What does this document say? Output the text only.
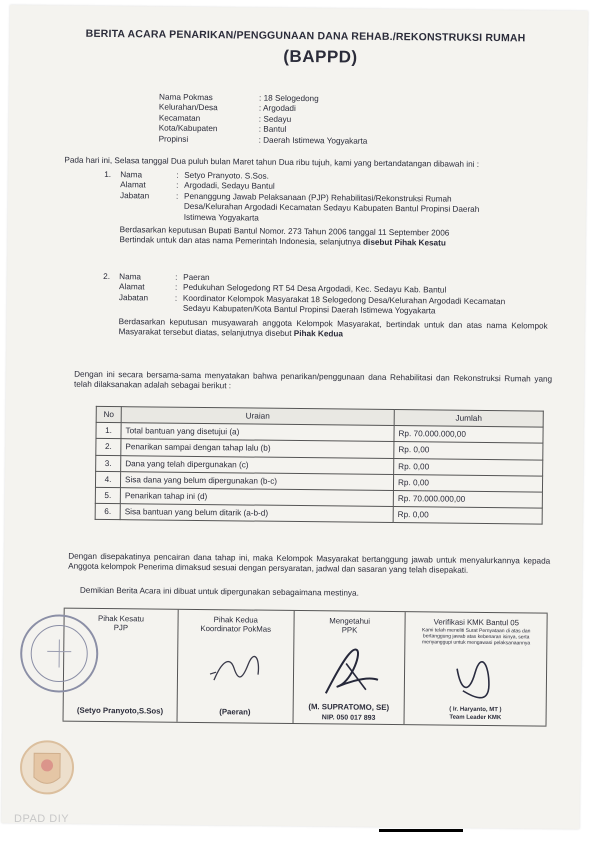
BERITA ACARA PENARIKAN/PENGGUNAAN DANA REHAB./REKONSTRUKSI RUMAH
(BAPPD)
Nama Pokmas	: 18 Selogedong
Kelurahan/Desa	: Argodadi
Kecamatan	: Sedayu
Kota/Kabupaten	: Bantul
Propinsi	: Daerah Istimewa Yogyakarta
Pada hari ini, Selasa tanggal Dua puluh bulan Maret tahun Dua ribu tujuh, kami yang bertandatangan dibawah ini :
1.	Nama	: Setyo Pranyoto. S.Sos.
Alamat	: Argodadi, Sedayu Bantul
Jabatan	: Penanggung Jawab Pelaksanaan (PJP) Rehabilitasi/Rekonstruksi Rumah Desa/Kelurahan Argodadi Kecamatan Sedayu Kabupaten Bantul Propinsi Daerah Istimewa Yogyakarta
Berdasarkan keputusan Bupati Bantul Nomor. 273 Tahun 2006 tanggal 11 September 2006
Bertindak untuk dan atas nama Pemerintah Indonesia, selanjutnya disebut Pihak Kesatu
2.	Nama	: Paeran
Alamat	: Pedukuhan Selogedong RT 54 Desa Argodadi, Kec. Sedayu Kab. Bantul
Jabatan	: Koordinator Kelompok Masyarakat 18 Selogedong Desa/Kelurahan Argodadi Kecamatan Sedayu Kabupaten/Kota Bantul Propinsi Daerah Istimewa Yogyakarta
Berdasarkan keputusan musyawarah anggota Kelompok Masyarakat, bertindak untuk dan atas nama Kelompok Masyarakat tersebut diatas, selanjutnya disebut Pihak Kedua
Dengan ini secara bersama-sama menyatakan bahwa penarikan/penggunaan dana Rehabilitasi dan Rekonstruksi Rumah yang telah dilaksanakan adalah sebagai berikut :
No	Uraian	Jumlah
1.	Total bantuan yang disetujui (a)	Rp. 70.000.000,00
2.	Penarikan sampai dengan tahap lalu (b)	Rp. 0,00
3.	Dana yang telah dipergunakan (c)	Rp. 0,00
4.	Sisa dana yang belum dipergunakan (b-c)	Rp. 0,00
5.	Penarikan tahap ini (d)	Rp. 70.000.000,00
6.	Sisa bantuan yang belum ditarik (a-b-d)	Rp. 0,00
Dengan disepakatinya pencairan dana tahap ini, maka Kelompok Masyarakat bertanggung jawab untuk menyalurkannya kepada Anggota kelompok Penerima dimaksud sesuai dengan persyaratan, jadwal dan sasaran yang telah disepakati.
Demikian Berita Acara ini dibuat untuk dipergunakan sebagaimana mestinya.
Pihak Kesatu
PJP
(Setyo Pranyoto,S.Sos)
Pihak Kedua
Koordinator PokMas
(Paeran)
Mengetahui
PPK
(M. SUPRATOMO, SE)
NIP. 050 017 893
Verifikasi KMK Bantul 05
Kami telah meneliti Surat Pernyataan di atas dan bertanggung jawab atas kebenaran isinya, serta menyanggupi untuk mengawasi pelaksanaannya
( Ir. Haryanto, MT )
Team Leader KMK
DPAD DIY
